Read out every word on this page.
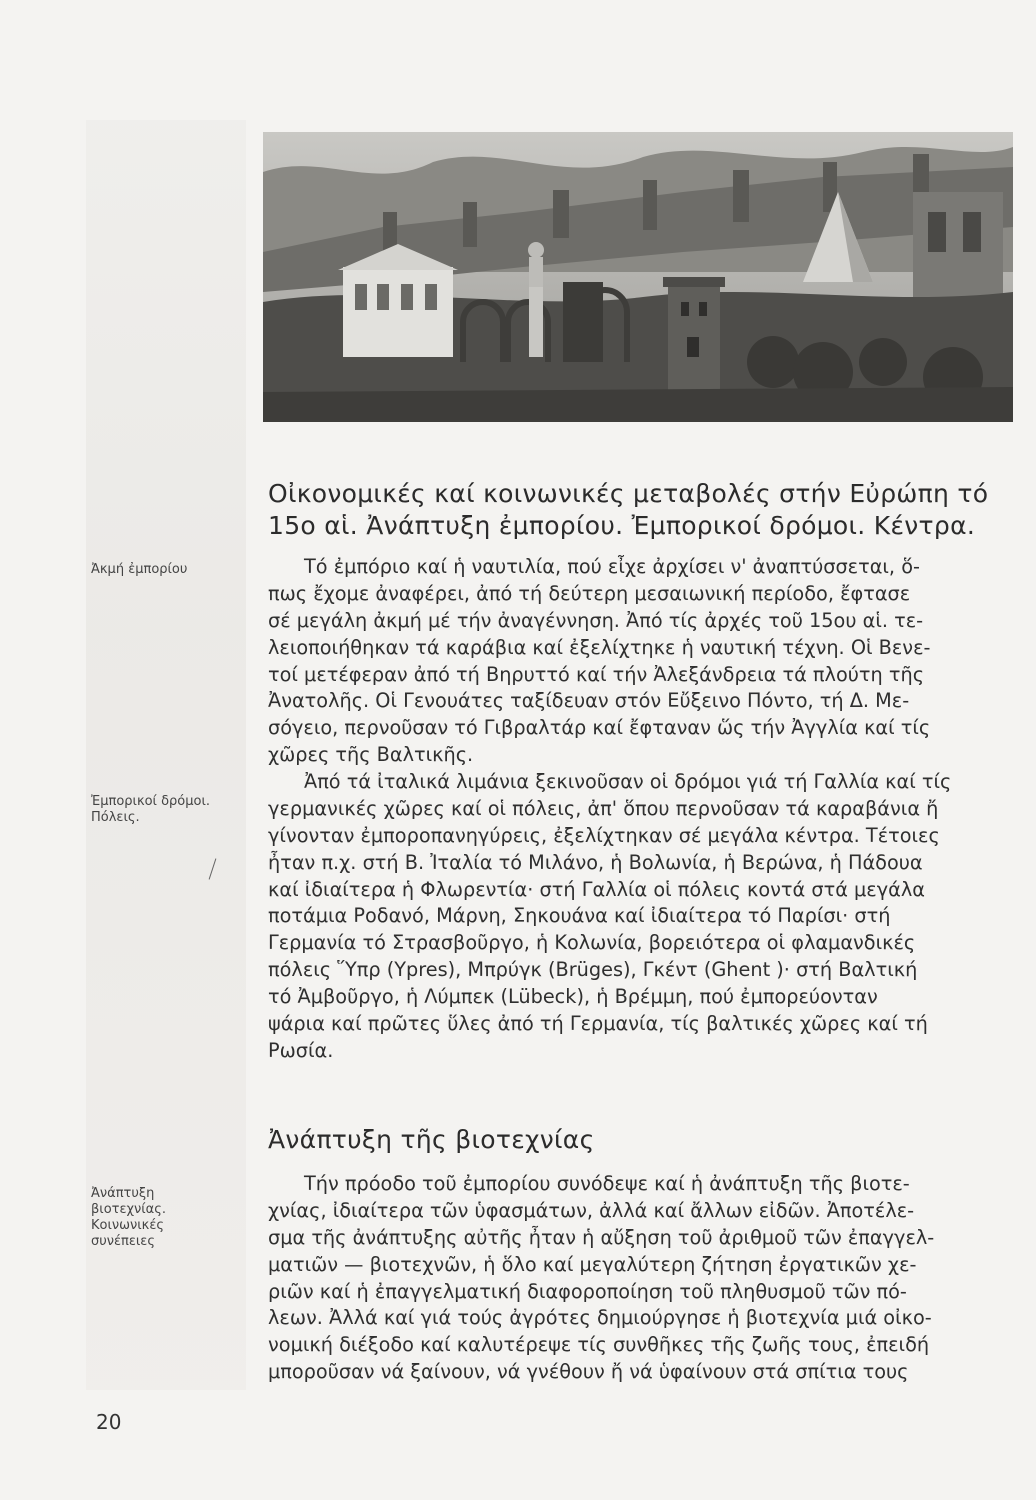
Ἀκμή ἐμπορίου
Ἐμπορικοί δρόμοι.
Πόλεις.
Ἀνάπτυξη
βιοτεχνίας.
Κοινωνικές
συνέπειες
Οἰκονομικές καί κοινωνικές μεταβολές στήν Εὐρώπη τό
15ο αἱ. Ἀνάπτυξη ἐμπορίου. Ἐμπορικοί δρόμοι. Κέντρα.
Τό ἐμπόριο καί ἡ ναυτιλία, πού εἶχε ἀρχίσει ν' ἀναπτύσσεται, ὅ-
πως ἔχομε ἀναφέρει, ἀπό τή δεύτερη μεσαιωνική περίοδο, ἔφτασε
σέ μεγάλη ἀκμή μέ τήν ἀναγέννηση. Ἀπό τίς ἀρχές τοῦ 15ου αἱ. τε-
λειοποιήθηκαν τά καράβια καί ἐξελίχτηκε ἡ ναυτική τέχνη. Οἱ Βενε-
τοί μετέφεραν ἀπό τή Βηρυττό καί τήν Ἀλεξάνδρεια τά πλούτη τῆς
Ἀνατολῆς. Οἱ Γενουάτες ταξίδευαν στόν Εὔξεινο Πόντο, τή Δ. Με-
σόγειο, περνοῦσαν τό Γιβραλτάρ καί ἔφταναν ὥς τήν Ἀγγλία καί τίς
χῶρες τῆς Βαλτικῆς.
Ἀπό τά ἰταλικά λιμάνια ξεκινοῦσαν οἱ δρόμοι γιά τή Γαλλία καί τίς
γερμανικές χῶρες καί οἱ πόλεις, ἀπ' ὅπου περνοῦσαν τά καραβάνια ἤ
γίνονταν ἐμποροπανηγύρεις, ἐξελίχτηκαν σέ μεγάλα κέντρα. Τέτοιες
ἦταν π.χ. στή Β. Ἰταλία τό Μιλάνο, ἡ Βολωνία, ἡ Βερώνα, ἡ Πάδουα
καί ἰδιαίτερα ἡ Φλωρεντία· στή Γαλλία οἱ πόλεις κοντά στά μεγάλα
ποτάμια Ροδανό, Μάρνη, Σηκουάνα καί ἰδιαίτερα τό Παρίσι· στή
Γερμανία τό Στρασβοῦργο, ἡ Κολωνία, βορειότερα οἱ φλαμανδικές
πόλεις Ὕπρ (Ypres), Μπρύγκ (Brüges), Γκέντ (Ghent )· στή Βαλτική
τό Ἀμβοῦργο, ἡ Λύμπεκ (Lübeck), ἡ Βρέμμη, πού ἐμπορεύονταν
ψάρια καί πρῶτες ὕλες ἀπό τή Γερμανία, τίς βαλτικές χῶρες καί τή
Ρωσία.
Ἀνάπτυξη τῆς βιοτεχνίας
Τήν πρόοδο τοῦ ἐμπορίου συνόδεψε καί ἡ ἀνάπτυξη τῆς βιοτε-
χνίας, ἰδιαίτερα τῶν ὑφασμάτων, ἀλλά καί ἄλλων εἰδῶν. Ἀποτέλε-
σμα τῆς ἀνάπτυξης αὐτῆς ἦταν ἡ αὔξηση τοῦ ἀριθμοῦ τῶν ἐπαγγελ-
ματιῶν — βιοτεχνῶν, ἡ ὅλο καί μεγαλύτερη ζήτηση ἐργατικῶν χε-
ριῶν καί ἡ ἐπαγγελματική διαφοροποίηση τοῦ πληθυσμοῦ τῶν πό-
λεων. Ἀλλά καί γιά τούς ἀγρότες δημιούργησε ἡ βιοτεχνία μιά οἰκο-
νομική διέξοδο καί καλυτέρεψε τίς συνθῆκες τῆς ζωῆς τους, ἐπειδή
μποροῦσαν νά ξαίνουν, νά γνέθουν ἤ νά ὑφαίνουν στά σπίτια τους
20
